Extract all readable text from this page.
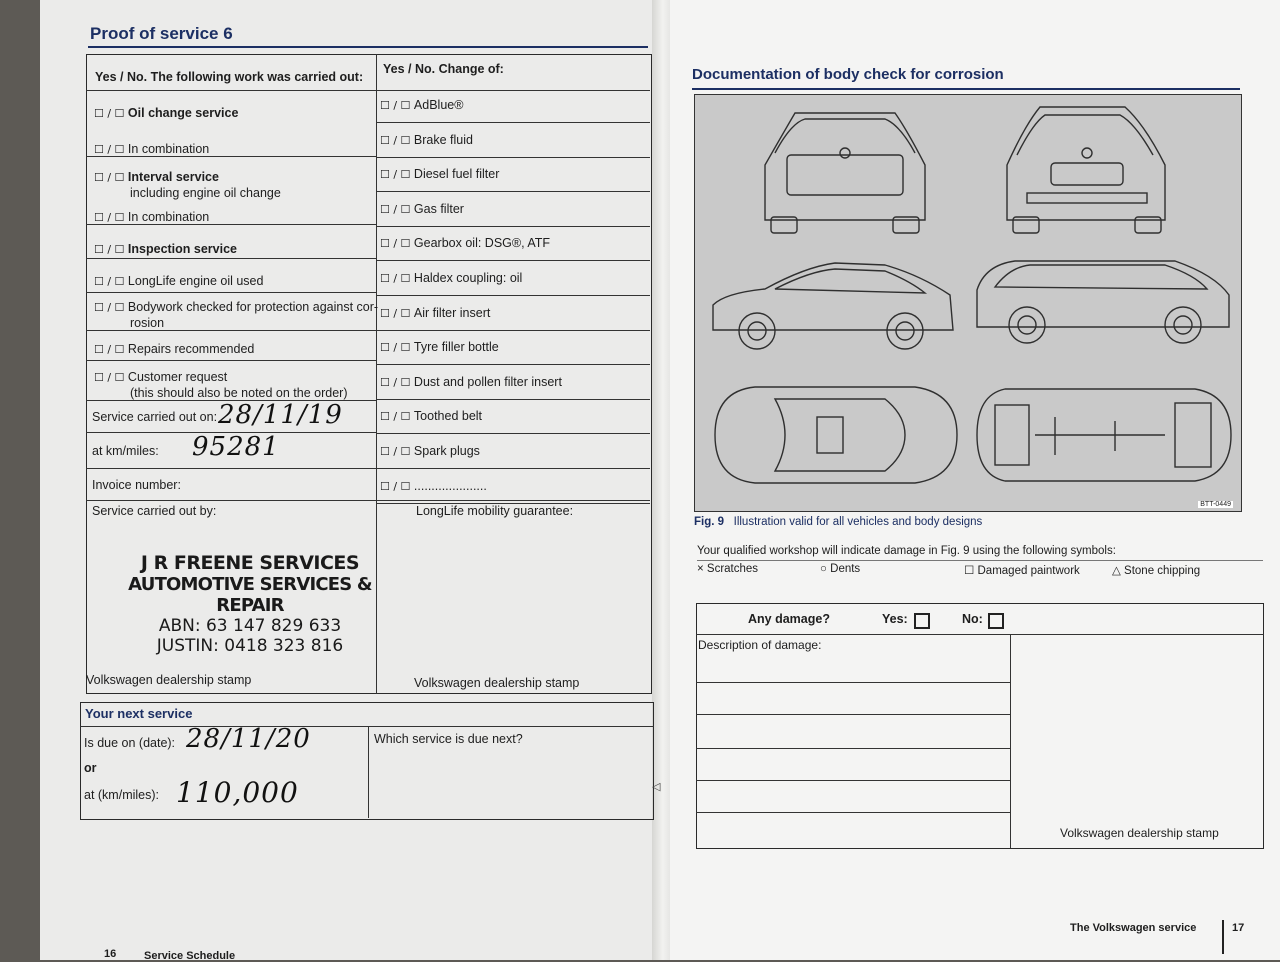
Proof of service 6
Yes / No. The following work was carried out:
Yes / No. Change of:
☐ / ☐ Oil change service
☐ / ☐ In combination
☐ / ☐ Interval service
including engine oil change
☐ / ☐ In combination
☐ / ☐ Inspection service
☐ / ☐ LongLife engine oil used
☐ / ☐ Bodywork checked for protection against cor-
rosion
☐ / ☐ Repairs recommended
☐ / ☐ Customer request
(this should also be noted on the order)
☐ / ☐ AdBlue®
☐ / ☐ Brake fluid
☐ / ☐ Diesel fuel filter
☐ / ☐ Gas filter
☐ / ☐ Gearbox oil: DSG®, ATF
☐ / ☐ Haldex coupling: oil
☐ / ☐ Air filter insert
☐ / ☐ Tyre filler bottle
☐ / ☐ Dust and pollen filter insert
☐ / ☐ Toothed belt
☐ / ☐ Spark plugs
☐ / ☐ .....................
Service carried out on: 28/11/19
at km/miles: 95281
Invoice number:
Service carried out by:	LongLife mobility guarantee:
J R FREENE SERVICES
AUTOMOTIVE SERVICES & REPAIR
ABN: 63 147 829 633
JUSTIN: 0418 323 816
Volkswagen dealership stamp	Volkswagen dealership stamp
Your next service
Is due on (date): 28/11/20
or
at (km/miles): 110,000
Which service is due next?
◁
16	Service Schedule
Documentation of body check for corrosion
BTT-0449
Fig. 9 Illustration valid for all vehicles and body designs
Your qualified workshop will indicate damage in Fig. 9 using the following symbols:
× Scratches	○ Dents	☐ Damaged paintwork	△ Stone chipping
Any damage?	Yes:	No:
Description of damage:
Volkswagen dealership stamp
The Volkswagen service	17
